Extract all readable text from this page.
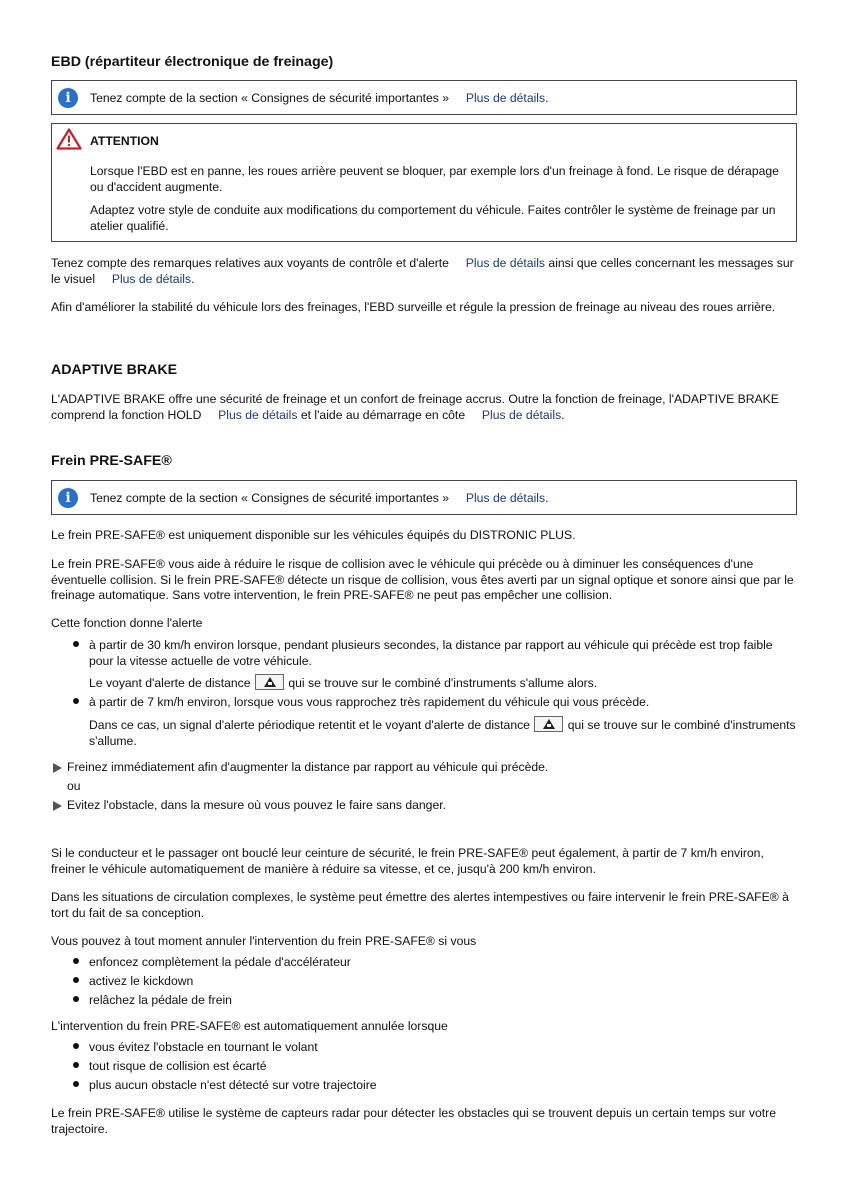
EBD (répartiteur électronique de freinage)
i	Tenez compte de la section « Consignes de sécurité importantes » Plus de détails.
ATTENTION
Lorsque l'EBD est en panne, les roues arrière peuvent se bloquer, par exemple lors d'un freinage à fond. Le risque de dérapage ou d'accident augmente.
Adaptez votre style de conduite aux modifications du comportement du véhicule. Faites contrôler le système de freinage par un atelier qualifié.
Tenez compte des remarques relatives aux voyants de contrôle et d'alerte Plus de détails ainsi que celles concernant les messages sur le visuel Plus de détails.
Afin d'améliorer la stabilité du véhicule lors des freinages, l'EBD surveille et régule la pression de freinage au niveau des roues arrière.
ADAPTIVE BRAKE
L'ADAPTIVE BRAKE offre une sécurité de freinage et un confort de freinage accrus. Outre la fonction de freinage, l'ADAPTIVE BRAKE comprend la fonction HOLD Plus de détails et l'aide au démarrage en côte Plus de détails.
Frein PRE-SAFE®
i	Tenez compte de la section « Consignes de sécurité importantes » Plus de détails.
Le frein PRE-SAFE® est uniquement disponible sur les véhicules équipés du DISTRONIC PLUS.
Le frein PRE-SAFE® vous aide à réduire le risque de collision avec le véhicule qui précède ou à diminuer les conséquences d'une éventuelle collision. Si le frein PRE-SAFE® détecte un risque de collision, vous êtes averti par un signal optique et sonore ainsi que par le freinage automatique. Sans votre intervention, le frein PRE-SAFE® ne peut pas empêcher une collision.
Cette fonction donne l'alerte
à partir de 30 km/h environ lorsque, pendant plusieurs secondes, la distance par rapport au véhicule qui précède est trop faible pour la vitesse actuelle de votre véhicule.
Le voyant d'alerte de distance	qui se trouve sur le combiné d'instruments s'allume alors.
à partir de 7 km/h environ, lorsque vous vous rapprochez très rapidement du véhicule qui vous précède.
Dans ce cas, un signal d'alerte périodique retentit et le voyant d'alerte de distance	qui se trouve sur le combiné d'instruments s'allume.
Freinez immédiatement afin d'augmenter la distance par rapport au véhicule qui précède.
ou
Evitez l'obstacle, dans la mesure où vous pouvez le faire sans danger.
Si le conducteur et le passager ont bouclé leur ceinture de sécurité, le frein PRE-SAFE® peut également, à partir de 7 km/h environ, freiner le véhicule automatiquement de manière à réduire sa vitesse, et ce, jusqu'à 200 km/h environ.
Dans les situations de circulation complexes, le système peut émettre des alertes intempestives ou faire intervenir le frein PRE-SAFE® à tort du fait de sa conception.
Vous pouvez à tout moment annuler l'intervention du frein PRE-SAFE® si vous
enfoncez complètement la pédale d'accélérateur
activez le kickdown
relâchez la pédale de frein
L'intervention du frein PRE-SAFE® est automatiquement annulée lorsque
vous évitez l'obstacle en tournant le volant
tout risque de collision est écarté
plus aucun obstacle n'est détecté sur votre trajectoire
Le frein PRE-SAFE® utilise le système de capteurs radar pour détecter les obstacles qui se trouvent depuis un certain temps sur votre trajectoire.
